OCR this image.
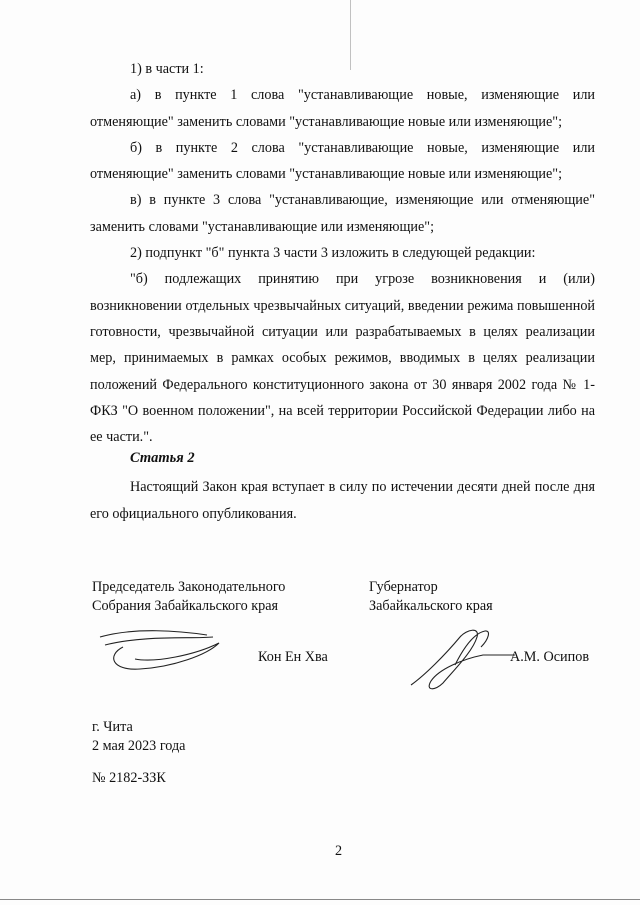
1) в части 1:

а) в пункте 1 слова "устанавливающие новые, изменяющие или отменяющие" заменить словами "устанавливающие новые или изменяющие";

б) в пункте 2 слова "устанавливающие новые, изменяющие или отменяющие" заменить словами "устанавливающие новые или изменяющие";

в) в пункте 3 слова "устанавливающие, изменяющие или отменяющие" заменить словами "устанавливающие или изменяющие";

2) подпункт "б" пункта 3 части 3 изложить в следующей редакции:

"б) подлежащих принятию при угрозе возникновения и (или) возникновении отдельных чрезвычайных ситуаций, введении режима повышенной готовности, чрезвычайной ситуации или разрабатываемых в целях реализации мер, принимаемых в рамках особых режимов, вводимых в целях реализации положений Федерального конституционного закона от 30 января 2002 года № 1-ФКЗ "О военном положении", на всей территории Российской Федерации либо на ее части.".

Статья 2

Настоящий Закон края вступает в силу по истечении десяти дней после дня его официального опубликования.

Председатель Законодательного
Собрания Забайкальского края
Губернатор
Забайкальского края
Кон Ен Хва	А.М. Осипов
г. Чита
2 мая 2023 года
№ 2182-ЗЗК
2
